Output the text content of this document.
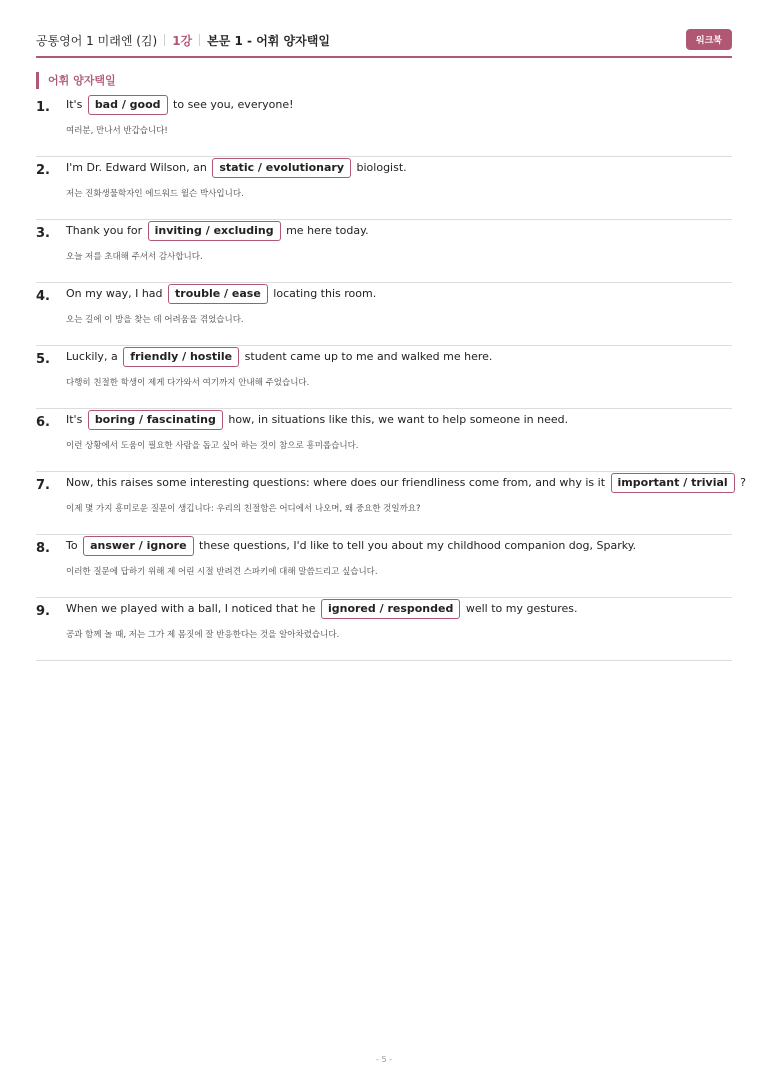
공통영어 1 미래엔 (김) 1강 본문 1 - 어휘 양자택일	워크북
어휘 양자택일
1. It's bad / good to see you, everyone!
여러분, 만나서 반갑습니다!
2. I'm Dr. Edward Wilson, an static / evolutionary biologist.
저는 진화생물학자인 에드워드 윌슨 박사입니다.
3. Thank you for inviting / excluding me here today.
오늘 저를 초대해 주셔서 감사합니다.
4. On my way, I had trouble / ease locating this room.
오는 길에 이 방을 찾는 데 어려움을 겪었습니다.
5. Luckily, a friendly / hostile student came up to me and walked me here.
다행히 친절한 학생이 제게 다가와서 여기까지 안내해 주었습니다.
6. It's boring / fascinating how, in situations like this, we want to help someone in need.
이런 상황에서 도움이 필요한 사람을 돕고 싶어 하는 것이 참으로 흥미롭습니다.
7. Now, this raises some interesting questions: where does our friendliness come from, and why is it important / trivial ?
이제 몇 가지 흥미로운 질문이 생깁니다: 우리의 친절함은 어디에서 나오며, 왜 중요한 것일까요?
8. To answer / ignore these questions, I'd like to tell you about my childhood companion dog, Sparky.
이러한 질문에 답하기 위해 제 어린 시절 반려견 스파키에 대해 말씀드리고 싶습니다.
9. When we played with a ball, I noticed that he ignored / responded well to my gestures.
공과 함께 놀 때, 저는 그가 제 몸짓에 잘 반응한다는 것을 알아차렸습니다.
- 5 -
